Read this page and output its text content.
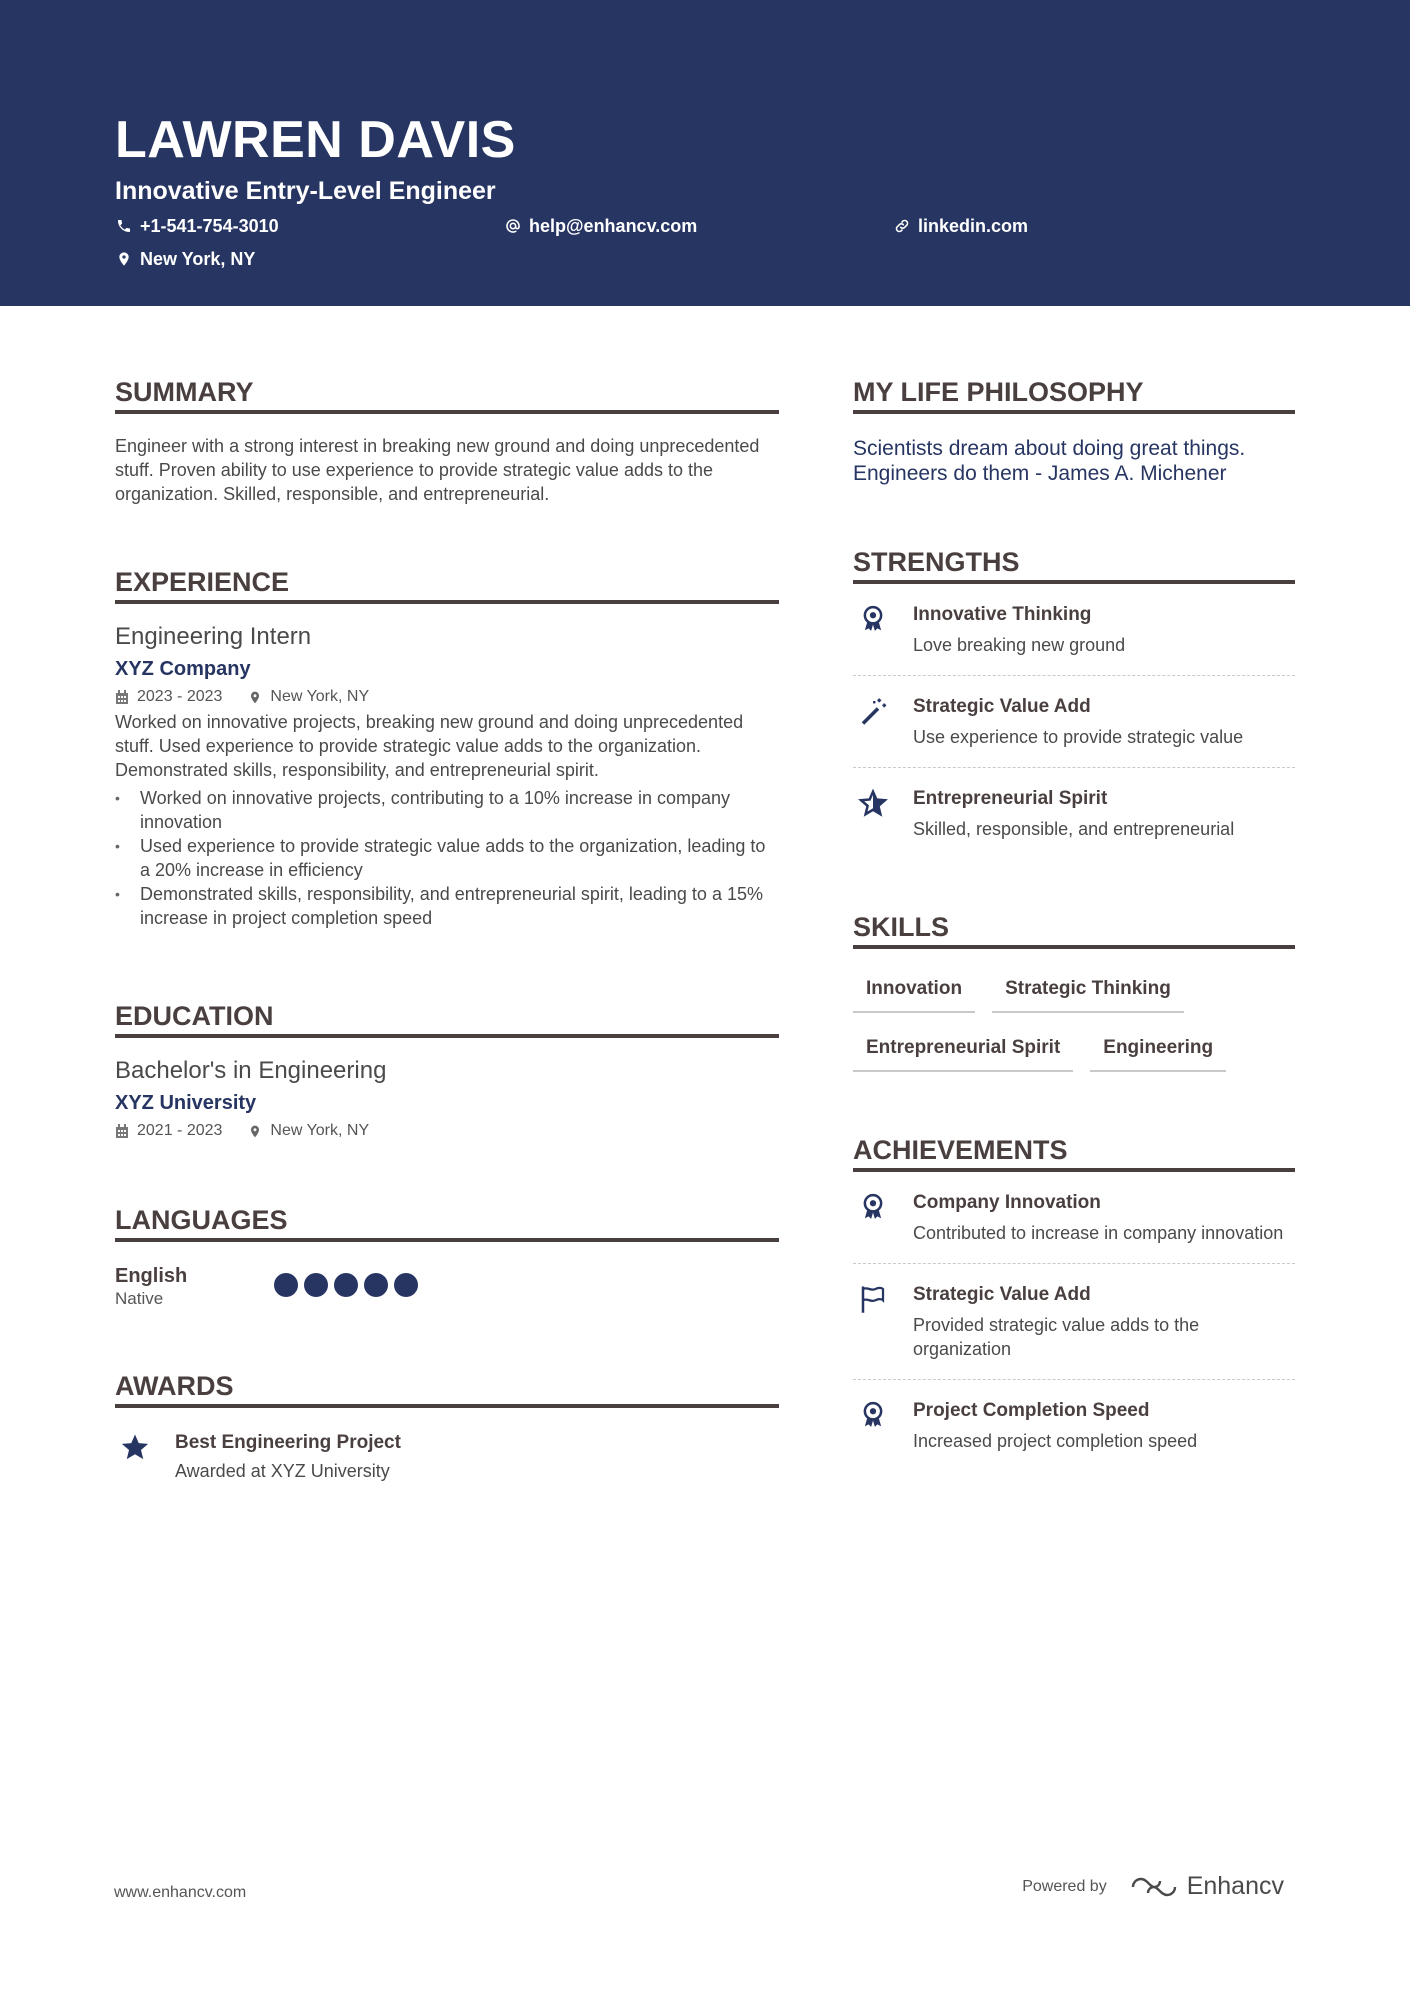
LAWREN DAVIS
Innovative Entry-Level Engineer
+1-541-754-3010	help@enhancv.com	linkedin.com
New York, NY
SUMMARY

Engineer with a strong interest in breaking new ground and doing unprecedented stuff. Proven ability to use experience to provide strategic value adds to the organization. Skilled, responsible, and entrepreneurial.

EXPERIENCE
Engineering Intern
XYZ Company
2023 - 2023	New York, NY

Worked on innovative projects, breaking new ground and doing unprecedented stuff. Used experience to provide strategic value adds to the organization. Demonstrated skills, responsibility, and entrepreneurial spirit.

• Worked on innovative projects, contributing to a 10% increase in company innovation
• Used experience to provide strategic value adds to the organization, leading to a 20% increase in efficiency
• Demonstrated skills, responsibility, and entrepreneurial spirit, leading to a 15% increase in project completion speed
EDUCATION
Bachelor's in Engineering
XYZ University
2021 - 2023	New York, NY
LANGUAGES
English
Native
AWARDS
Best Engineering Project
Awarded at XYZ University
MY LIFE PHILOSOPHY

Scientists dream about doing great things. Engineers do them - James A. Michener

STRENGTHS
Innovative Thinking
Love breaking new ground
Strategic Value Add
Use experience to provide strategic value
Entrepreneurial Spirit
Skilled, responsible, and entrepreneurial
SKILLS
Innovation	Strategic Thinking
Entrepreneurial Spirit	Engineering
ACHIEVEMENTS
Company Innovation
Contributed to increase in company innovation
Strategic Value Add
Provided strategic value adds to the organization
Project Completion Speed
Increased project completion speed
www.enhancv.com	Powered by	Enhancv
